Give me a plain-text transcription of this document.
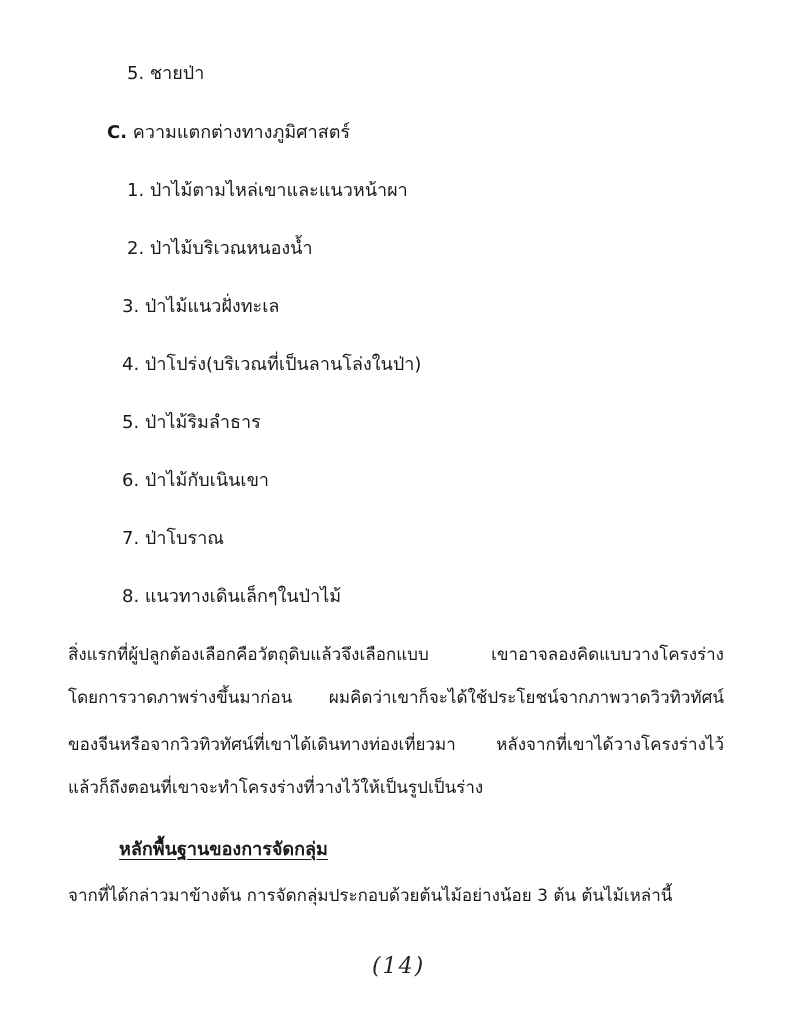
5. ชายป่า
C. ความแตกต่างทางภูมิศาสตร์
1. ป่าไม้ตามไหล่เขาและแนวหน้าผา
2. ป่าไม้บริเวณหนองน้ำ
3. ป่าไม้แนวฝั่งทะเล
4. ป่าโปร่ง(บริเวณที่เป็นลานโล่งในป่า)
5. ป่าไม้ริมลำธาร
6. ป่าไม้กับเนินเขา
7. ป่าโบราณ
8. แนวทางเดินเล็กๆในป่าไม้
สิ่งแรกที่ผู้ปลูกต้องเลือกคือวัตถุดิบแล้วจึงเลือกแบบ เขาอาจลองคิดแบบวางโครงร่าง
โดยการวาดภาพร่างขึ้นมาก่อน ผมคิดว่าเขาก็จะได้ใช้ประโยชน์จากภาพวาดวิวทิวทัศน์
ของจีนหรือจากวิวทิวทัศน์ที่เขาได้เดินทางท่องเที่ยวมา หลังจากที่เขาได้วางโครงร่างไว้
แล้วก็ถึงตอนที่เขาจะทำโครงร่างที่วางไว้ให้เป็นรูปเป็นร่าง
หลักพื้นฐานของการจัดกลุ่ม
จากที่ได้กล่าวมาข้างต้น การจัดกลุ่มประกอบด้วยต้นไม้อย่างน้อย 3 ต้น ต้นไม้เหล่านี้
(14)
